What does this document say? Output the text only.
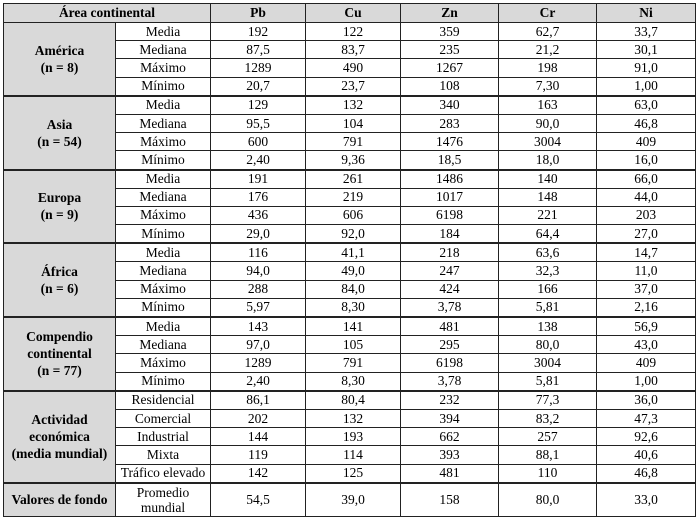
Área continental		Pb	Cu	Zn	Cr	Ni	

América
(n = 8)	Media	192	122	359	62,7	33,7	
	Mediana	87,5	83,7	235	21,2	30,1	
	Máximo	1289	490	1267	198	91,0	
	Mínimo	20,7	23,7	108	7,30	1,00	

Asia
(n = 54)	Media	129	132	340	163	63,0	
	Mediana	95,5	104	283	90,0	46,8	
	Máximo	600	791	1476	3004	409	
	Mínimo	2,40	9,36	18,5	18,0	16,0	

Europa
(n = 9)	Media	191	261	1486	140	66,0	
	Mediana	176	219	1017	148	44,0	
	Máximo	436	606	6198	221	203	
	Mínimo	29,0	92,0	184	64,4	27,0	

África
(n = 6)	Media	116	41,1	218	63,6	14,7	
	Mediana	94,0	49,0	247	32,3	11,0	
	Máximo	288	84,0	424	166	37,0	
	Mínimo	5,97	8,30	3,78	5,81	2,16	

Compendio
continental
(n = 77)	Media	143	141	481	138	56,9	
	Mediana	97,0	105	295	80,0	43,0	
	Máximo	1289	791	6198	3004	409	
	Mínimo	2,40	8,30	3,78	5,81	1,00	

Actividad
económica
(media mundial)	Residencial	86,1	80,4	232	77,3	36,0	
	Comercial	202	132	394	83,2	47,3	
	Industrial	144	193	662	257	92,6	
	Mixta	119	114	393	88,1	40,6	
	Tráfico elevado	142	125	481	110	46,8	

Valores de fondo	Promedio
mundial	54,5	39,0	158	80,0	33,0	
